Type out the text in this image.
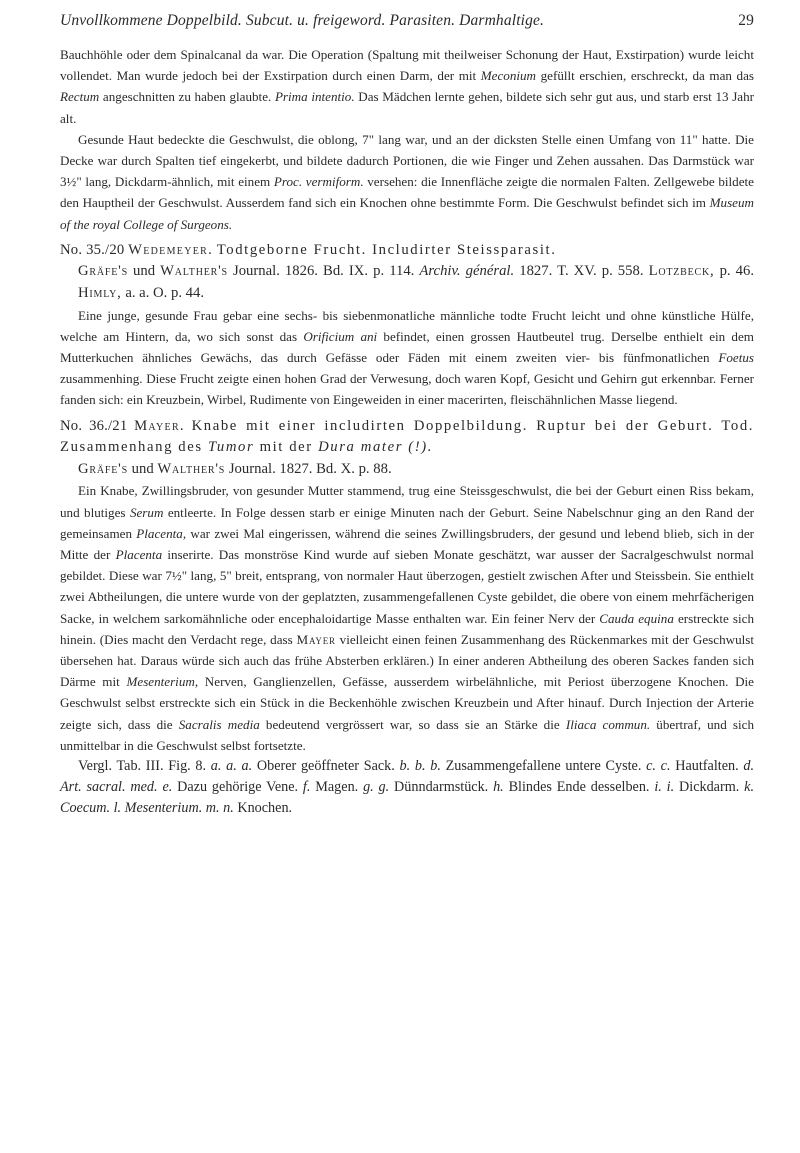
Unvollkommene Doppelbild. Subcut. u. freigeword. Parasiten. Darmhaltige.	29

Bauchhöhle oder dem Spinalcanal da war. Die Operation (Spaltung mit theilweiser Schonung der Haut, Exstirpation) wurde leicht vollendet. Man wurde jedoch bei der Exstirpation durch einen Darm, der mit Meconium gefüllt erschien, erschreckt, da man das Rectum angeschnitten zu haben glaubte. Prima intentio. Das Mädchen lernte gehen, bildete sich sehr gut aus, und starb erst 13 Jahr alt.

Gesunde Haut bedeckte die Geschwulst, die oblong, 7" lang war, und an der dicksten Stelle einen Umfang von 11" hatte. Die Decke war durch Spalten tief eingekerbt, und bildete dadurch Portionen, die wie Finger und Zehen aussahen. Das Darmstück war 3½" lang, Dickdarm-ähnlich, mit einem Proc. vermiform. versehen: die Innenfläche zeigte die normalen Falten. Zellgewebe bildete den Hauptheil der Geschwulst. Ausserdem fand sich ein Knochen ohne bestimmte Form. Die Geschwulst befindet sich im Museum of the royal College of Surgeons.

No. 35./20 Wedemeyer. Todtgeborne Frucht. Includirter Steissparasit.
Gräfe's und Walther's Journal. 1826. Bd. IX. p. 114. Archiv. général. 1827. T. XV. p. 558. Lotzbeck, p. 46. Himly, a. a. O. p. 44.

Eine junge, gesunde Frau gebar eine sechs- bis siebenmonatliche männliche todte Frucht leicht und ohne künstliche Hülfe, welche am Hintern, da, wo sich sonst das Orificium ani befindet, einen grossen Hautbeutel trug. Derselbe enthielt ein dem Mutterkuchen ähnliches Gewächs, das durch Gefässe oder Fäden mit einem zweiten vier- bis fünfmonatlichen Foetus zusammenhing. Diese Frucht zeigte einen hohen Grad der Verwesung, doch waren Kopf, Gesicht und Gehirn gut erkennbar. Ferner fanden sich: ein Kreuzbein, Wirbel, Rudimente von Eingeweiden in einer macerirten, fleischähnlichen Masse liegend.

No. 36./21 Mayer. Knabe mit einer includirten Doppelbildung. Ruptur bei der Geburt. Tod. Zusammenhang des Tumor mit der Dura mater (!).
Gräfe's und Walther's Journal. 1827. Bd. X. p. 88.

Ein Knabe, Zwillingsbruder, von gesunder Mutter stammend, trug eine Steissgeschwulst, die bei der Geburt einen Riss bekam, und blutiges Serum entleerte. In Folge dessen starb er einige Minuten nach der Geburt. Seine Nabelschnur ging an den Rand der gemeinsamen Placenta, war zwei Mal eingerissen, während die seines Zwillingsbruders, der gesund und lebend blieb, sich in der Mitte der Placenta inserirte. Das monströse Kind wurde auf sieben Monate geschätzt, war ausser der Sacralgeschwulst normal gebildet. Diese war 7½" lang, 5" breit, entsprang, von normaler Haut überzogen, gestielt zwischen After und Steissbein. Sie enthielt zwei Abtheilungen, die untere wurde von der geplatzten, zusammengefallenen Cyste gebildet, die obere von einem mehrfächerigen Sacke, in welchem sarkomähnliche oder encephaloidartige Masse enthalten war. Ein feiner Nerv der Cauda equina erstreckte sich hinein. (Dies macht den Verdacht rege, dass Mayer vielleicht einen feinen Zusammenhang des Rückenmarkes mit der Geschwulst übersehen hat. Daraus würde sich auch das frühe Absterben erklären.) In einer anderen Abtheilung des oberen Sackes fanden sich Därme mit Mesenterium, Nerven, Ganglienzellen, Gefässe, ausserdem wirbelähnliche, mit Periost überzogene Knochen. Die Geschwulst selbst erstreckte sich ein Stück in die Beckenhöhle zwischen Kreuzbein und After hinauf. Durch Injection der Arterie zeigte sich, dass die Sacralis media bedeutend vergrössert war, so dass sie an Stärke die Iliaca commun. übertraf, und sich unmittelbar in die Geschwulst selbst fortsetzte.

Vergl. Tab. III. Fig. 8. a. a. a. Oberer geöffneter Sack. b. b. b. Zusammengefallene untere Cyste. c. c. Hautfalten. d. Art. sacral. med. e. Dazu gehörige Vene. f. Magen. g. g. Dünndarmstück. h. Blindes Ende desselben. i. i. Dickdarm. k. Coecum. l. Mesenterium. m. n. Knochen.
